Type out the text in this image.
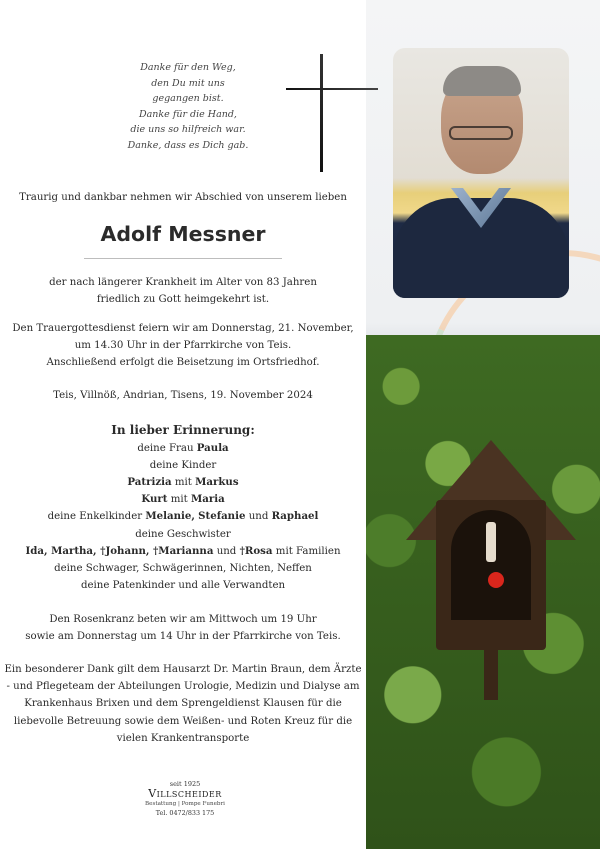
Danke für den Weg,
den Du mit uns
gegangen bist.
Danke für die Hand,
die uns so hilfreich war.
Danke, dass es Dich gab.
Traurig und dankbar nehmen wir Abschied von unserem lieben
Adolf Messner
der nach längerer Krankheit im Alter von 83 Jahren
friedlich zu Gott heimgekehrt ist.
Den Trauergottesdienst feiern wir am Donnerstag, 21. November,
um 14.30 Uhr in der Pfarrkirche von Teis.
Anschließend erfolgt die Beisetzung im Ortsfriedhof.
Teis, Villnöß, Andrian, Tisens, 19. November 2024
In lieber Erinnerung:
deine Frau Paula
deine Kinder
Patrizia mit Markus
Kurt mit Maria
deine Enkelkinder Melanie, Stefanie und Raphael
deine Geschwister
Ida, Martha, †Johann, †Marianna und †Rosa mit Familien
deine Schwager, Schwägerinnen, Nichten, Neffen
deine Patenkinder und alle Verwandten
Den Rosenkranz beten wir am Mittwoch um 19 Uhr
sowie am Donnerstag um 14 Uhr in der Pfarrkirche von Teis.
Ein besonderer Dank gilt dem Hausarzt Dr. Martin Braun, dem Ärzte
- und Pflegeteam der Abteilungen Urologie, Medizin und Dialyse am
Krankenhaus Brixen und dem Sprengeldienst Klausen für die
liebevolle Betreuung sowie dem Weißen- und Roten Kreuz für die
vielen Krankentransporte
seit 1925
Villscheider
Bestattung | Pompe Funebri
Tel. 0472/833 175
